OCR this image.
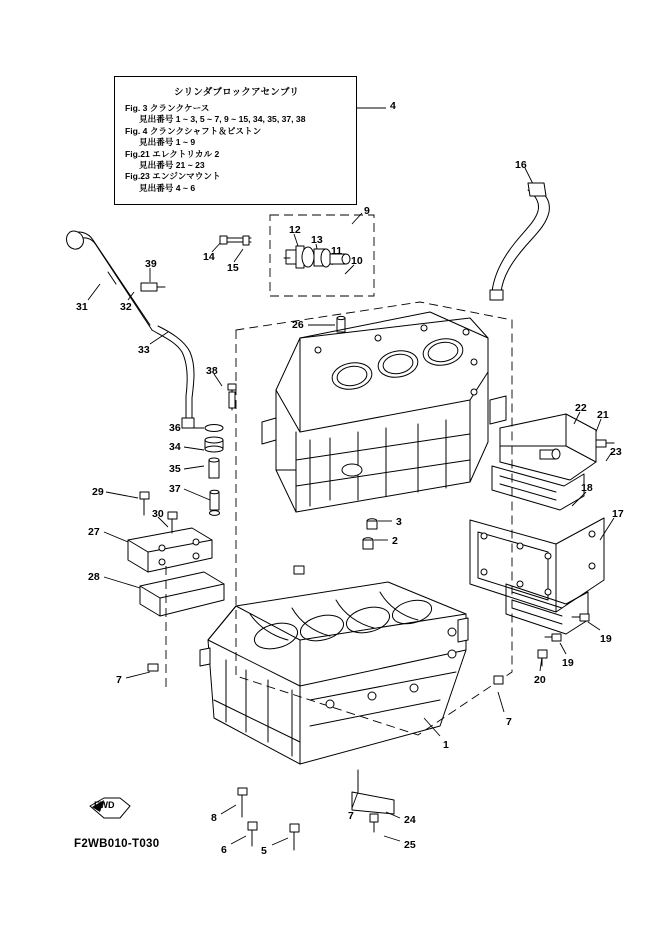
シリンダブロックアセンブリ
Fig. 3 クランクケース
見出番号 1 ~ 3, 5 ~ 7, 9 ~ 15, 34, 35, 37, 38
Fig. 4 クランクシャフト＆ピストン
見出番号 1 ~ 9
Fig.21 エレクトリカル 2
見出番号 21 ~ 23
Fig.23 エンジンマウント
見出番号 4 ~ 6
4
16
9
12
13
11
10
14
15
39
31	32
33
26
38
22
21
23
36
34
35
37
29
30
27
28
3
2
18
17
19
19
20
7
7
1
8
6	5
7	24
25
FWD
F2WB010-T030
